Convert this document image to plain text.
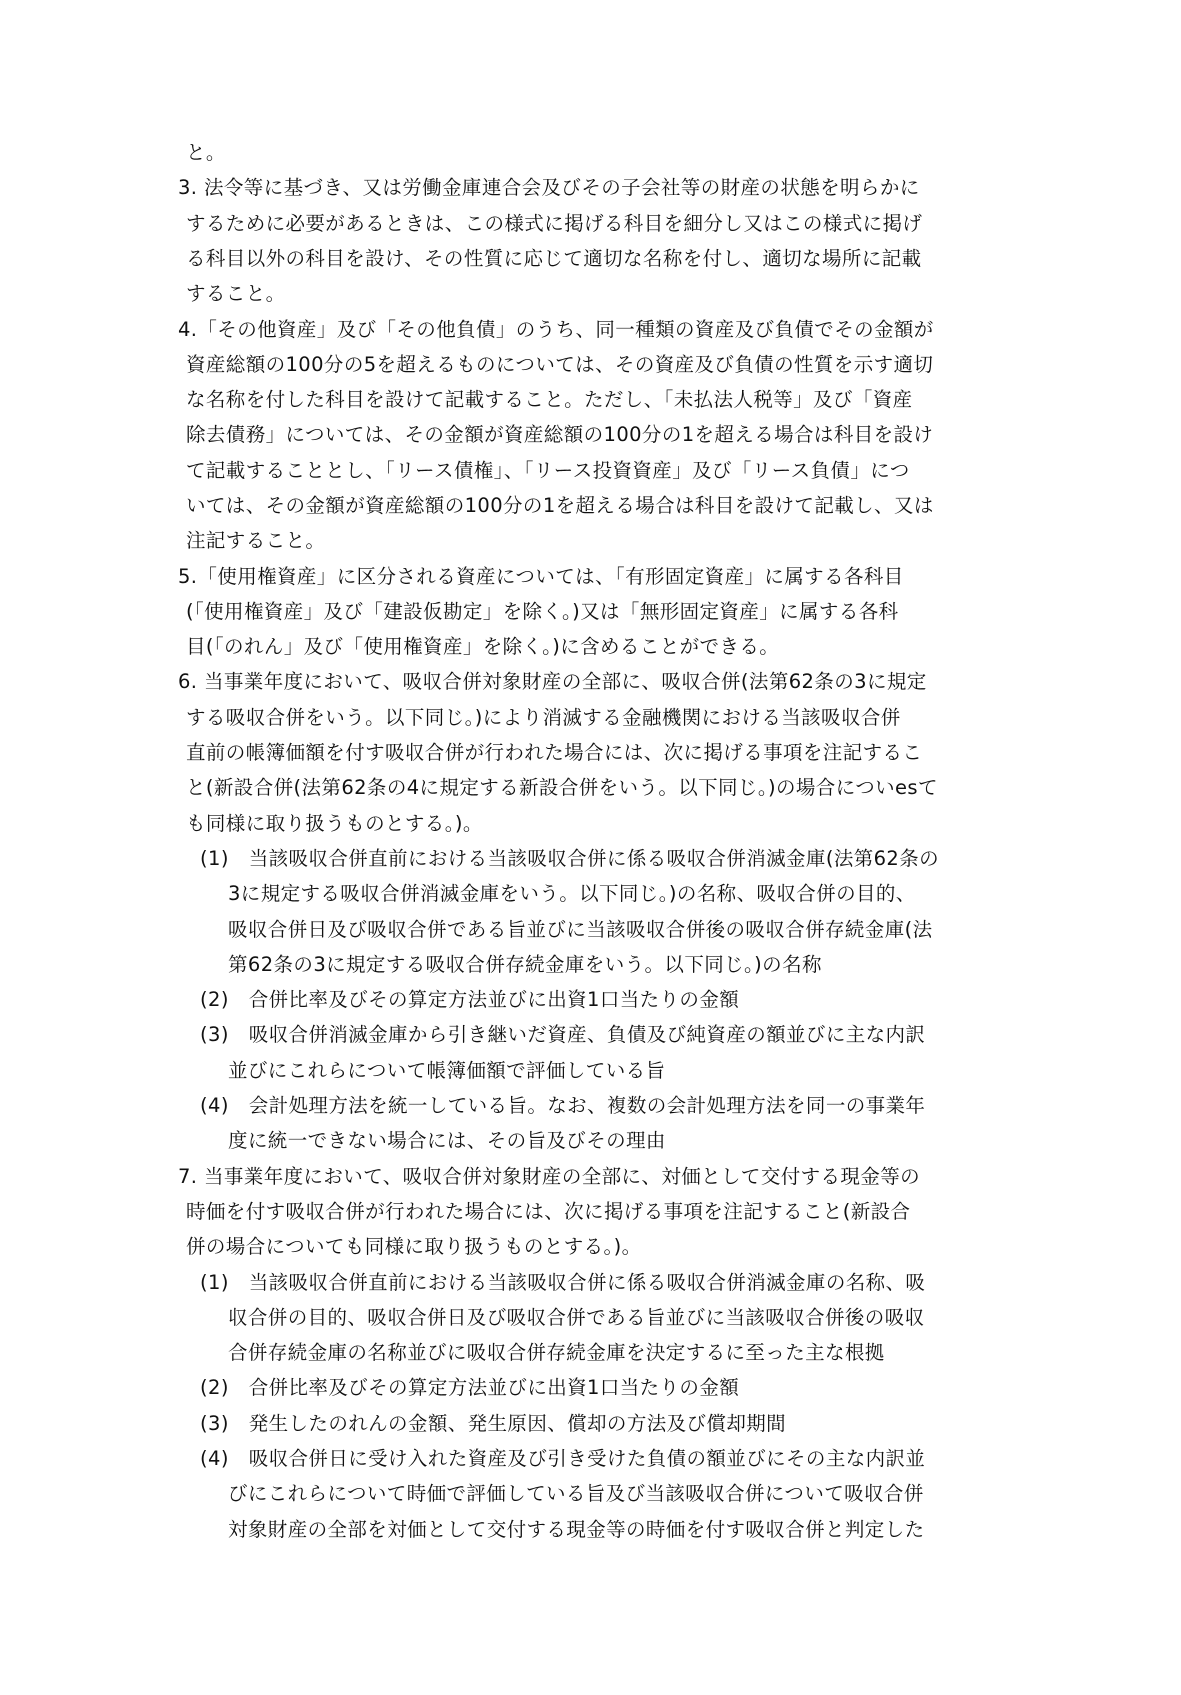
と。
3. 法令等に基づき、又は労働金庫連合会及びその子会社等の財産の状態を明らかに
するために必要があるときは、この様式に掲げる科目を細分し又はこの様式に掲げ
る科目以外の科目を設け、その性質に応じて適切な名称を付し、適切な場所に記載
すること。
4.「その他資産」及び「その他負債」のうち、同一種類の資産及び負債でその金額が
資産総額の100分の5を超えるものについては、その資産及び負債の性質を示す適切
な名称を付した科目を設けて記載すること。ただし、「未払法人税等」及び「資産
除去債務」については、その金額が資産総額の100分の1を超える場合は科目を設け
て記載することとし、「リース債権」、「リース投資資産」及び「リース負債」につ
いては、その金額が資産総額の100分の1を超える場合は科目を設けて記載し、又は
注記すること。
5.「使用権資産」に区分される資産については、「有形固定資産」に属する各科目
(「使用権資産」及び「建設仮勘定」を除く。)又は「無形固定資産」に属する各科
目(「のれん」及び「使用権資産」を除く。)に含めることができる。
6. 当事業年度において、吸収合併対象財産の全部に、吸収合併(法第62条の3に規定
する吸収合併をいう。以下同じ。)により消滅する金融機関における当該吸収合併
直前の帳簿価額を付す吸収合併が行われた場合には、次に掲げる事項を注記するこ
と(新設合併(法第62条の4に規定する新設合併をいう。以下同じ。)の場合についesて
も同様に取り扱うものとする。)。
(1)　当該吸収合併直前における当該吸収合併に係る吸収合併消滅金庫(法第62条の
3に規定する吸収合併消滅金庫をいう。以下同じ。)の名称、吸収合併の目的、
吸収合併日及び吸収合併である旨並びに当該吸収合併後の吸収合併存続金庫(法
第62条の3に規定する吸収合併存続金庫をいう。以下同じ。)の名称
(2)　合併比率及びその算定方法並びに出資1口当たりの金額
(3)　吸収合併消滅金庫から引き継いだ資産、負債及び純資産の額並びに主な内訳
並びにこれらについて帳簿価額で評価している旨
(4)　会計処理方法を統一している旨。なお、複数の会計処理方法を同一の事業年
度に統一できない場合には、その旨及びその理由
7. 当事業年度において、吸収合併対象財産の全部に、対価として交付する現金等の
時価を付す吸収合併が行われた場合には、次に掲げる事項を注記すること(新設合
併の場合についても同様に取り扱うものとする。)。
(1)　当該吸収合併直前における当該吸収合併に係る吸収合併消滅金庫の名称、吸
収合併の目的、吸収合併日及び吸収合併である旨並びに当該吸収合併後の吸収
合併存続金庫の名称並びに吸収合併存続金庫を決定するに至った主な根拠
(2)　合併比率及びその算定方法並びに出資1口当たりの金額
(3)　発生したのれんの金額、発生原因、償却の方法及び償却期間
(4)　吸収合併日に受け入れた資産及び引き受けた負債の額並びにその主な内訳並
びにこれらについて時価で評価している旨及び当該吸収合併について吸収合併
対象財産の全部を対価として交付する現金等の時価を付す吸収合併と判定した
